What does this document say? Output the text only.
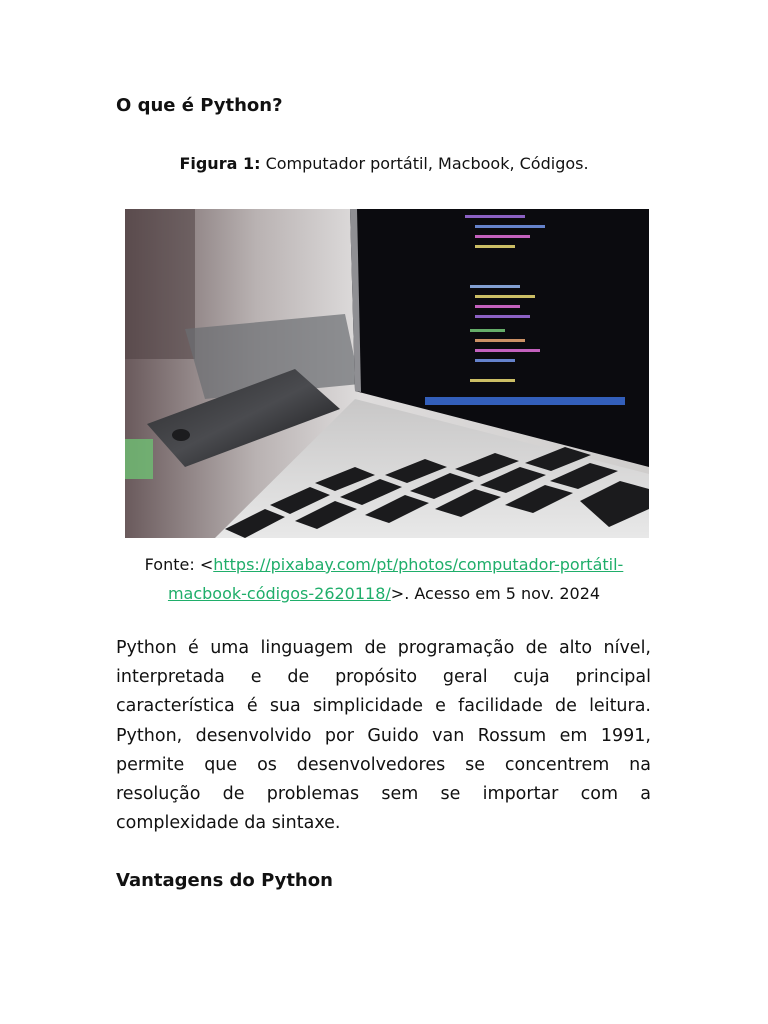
O que é Python?
Figura 1: Computador portátil, Macbook, Códigos.
Fonte: <https://pixabay.com/pt/photos/computador-portátil-
macbook-códigos-2620118/>. Acesso em 5 nov. 2024

Python é uma linguagem de programação de alto nível, interpretada e de propósito geral cuja principal característica é sua simplicidade e facilidade de leitura. Python, desenvolvido por Guido van Rossum em 1991, permite que os desenvolvedores se concentrem na resolução de problemas sem se importar com a complexidade da sintaxe.

Vantagens do Python
